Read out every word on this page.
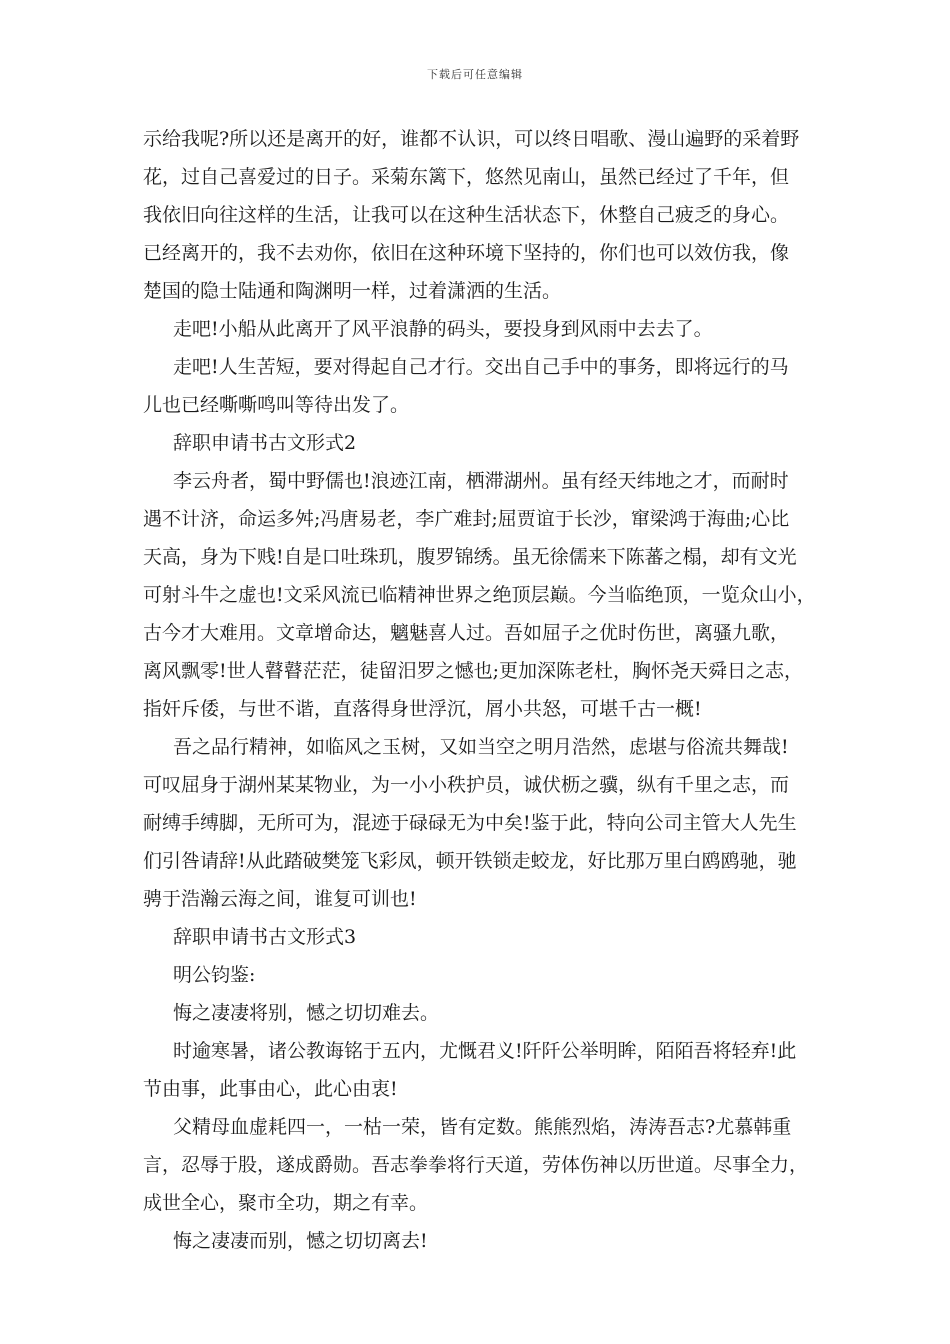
下载后可任意编辑

示给我呢?所以还是离开的好，谁都不认识，可以终日唱歌、漫山遍野的采着野

花，过自己喜爱过的日子。采菊东篱下，悠然见南山，虽然已经过了千年，但

我依旧向往这样的生活，让我可以在这种生活状态下，休整自己疲乏的身心。

已经离开的，我不去劝你，依旧在这种环境下坚持的，你们也可以效仿我，像

楚国的隐士陆通和陶渊明一样，过着潇洒的生活。

走吧!小船从此离开了风平浪静的码头，要投身到风雨中去去了。

走吧!人生苦短，要对得起自己才行。交出自己手中的事务，即将远行的马

儿也已经嘶嘶鸣叫等待出发了。

辞职申请书古文形式2

李云舟者，蜀中野儒也!浪迹江南，栖滞湖州。虽有经天纬地之才，而耐时

遇不计济，命运多舛;冯唐易老，李广难封;屈贾谊于长沙，窜梁鸿于海曲;心比

天高，身为下贱!自是口吐珠玑，腹罗锦绣。虽无徐儒来下陈蕃之榻，却有文光

可射斗牛之虚也!文采风流已临精神世界之绝顶层巅。今当临绝顶，一览众山小，

古今才大难用。文章增命达，魑魅喜人过。吾如屈子之优时伤世，离骚九歌，

离风飘零!世人瞽瞽茫茫，徒留汨罗之憾也;更加深陈老杜，胸怀尧天舜日之志，

指奸斥倭，与世不谐，直落得身世浮沉，屑小共怒，可堪千古一概!

吾之品行精神，如临风之玉树，又如当空之明月浩然，虑堪与俗流共舞哉!

可叹屈身于湖州某某物业，为一小小秩护员，诚伏枥之骥，纵有千里之志，而

耐缚手缚脚，无所可为，混迹于碌碌无为中矣!鉴于此，特向公司主管大人先生

们引咎请辞!从此踏破樊笼飞彩凤，顿开铁锁走蛟龙，好比那万里白鸥鸥驰，驰

骋于浩瀚云海之间，谁复可训也!

辞职申请书古文形式3

明公钧鉴:

悔之凄凄将别，憾之切切难去。

时逾寒暑，诸公教诲铭于五内，尤慨君义!阡阡公举明眸，陌陌吾将轻弃!此

节由事，此事由心，此心由衷!

父精母血虚耗四一，一枯一荣，皆有定数。熊熊烈焰，涛涛吾志?尤慕韩重

言，忍辱于股，遂成爵勋。吾志拳拳将行天道，劳体伤神以历世道。尽事全力，

成世全心，聚市全功，期之有幸。

悔之凄凄而别，憾之切切离去!
